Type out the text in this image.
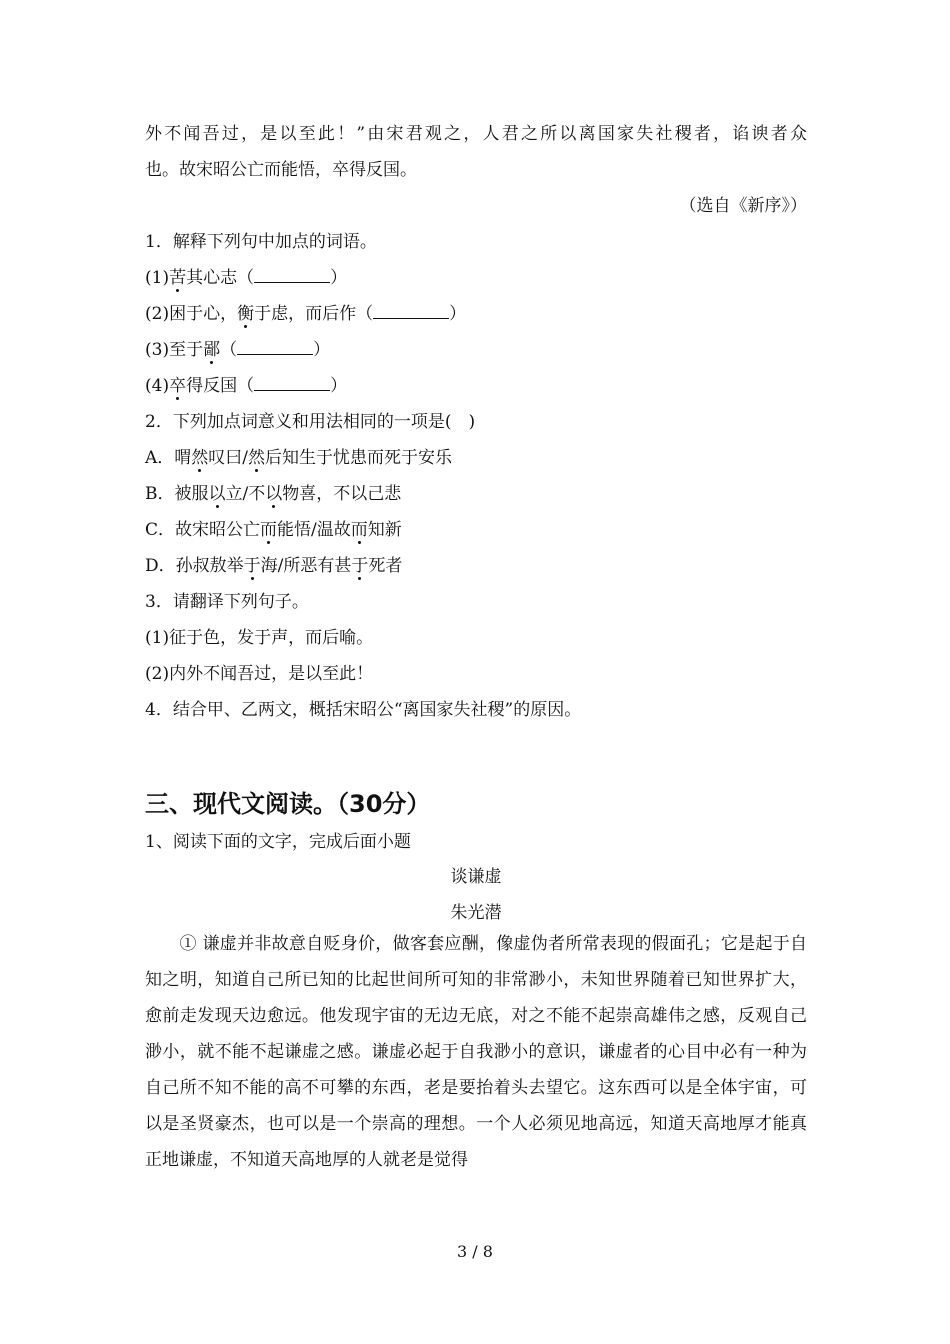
外不闻吾过，是以至此！”由宋君观之，人君之所以离国家失社稷者，谄谀者众
也。故宋昭公亡而能悟，卒得反国。
（选自《新序》）
1．解释下列句中加点的词语。
(1)苦其心志（	）
(2)困于心，衡于虑，而后作（	）
(3)至于鄙（	）
(4)卒得反国（	）
2．下列加点词意义和用法相同的一项是(　)
A．喟然叹曰/然后知生于忧患而死于安乐
B．被服以立/不以物喜，不以己悲
C．故宋昭公亡而能悟/温故而知新
D．孙叔敖举于海/所恶有甚于死者
3．请翻译下列句子。
(1)征于色，发于声，而后喻。
(2)内外不闻吾过，是以至此！
4．结合甲、乙两文，概括宋昭公“离国家失社稷”的原因。
三、现代文阅读。（30分）
1、阅读下面的文字，完成后面小题
谈谦虚
朱光潜
　　① 谦虚并非故意自贬身价，做客套应酬，像虚伪者所常表现的假面孔；它是起于自知之明，知道自己所已知的比起世间所可知的非常渺小，未知世界随着已知世界扩大，愈前走发现天边愈远。他发现宇宙的无边无底，对之不能不起崇高雄伟之感，反观自己渺小，就不能不起谦虚之感。谦虚必起于自我渺小的意识，谦虚者的心目中必有一种为自己所不知不能的高不可攀的东西，老是要抬着头去望它。这东西可以是全体宇宙，可以是圣贤豪杰，也可以是一个崇高的理想。一个人必须见地高远，知道天高地厚才能真正地谦虚，不知道天高地厚的人就老是觉得
3 / 8
